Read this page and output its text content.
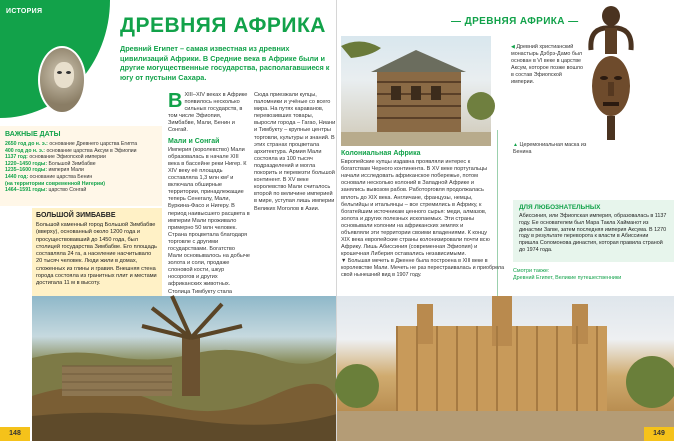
ИСТОРИЯ
ДРЕВНЯЯ АФРИКА

Древний Египет – самая известная из древних цивилизаций Африки. В Средние века в Африке были и другие могущественные государства, располагавшиеся к югу от пустыни Сахара.

ВАЖНЫЕ ДАТЫ
2650 год до н. э.: основание Древнего царства Египта
400 год до н. э.: основание царства Аксум в Эфиопии
1137 год: основание Эфиопской империи
1220–1450 годы: Большой Зимбабве
1235–1600 годы: империя Мали
1440 год: основание царства Бенин
(на территории современной Нигерии)
1464–1591 годы: царство Сонгай
БОЛЬШОЙ ЗИМБАБВЕ
Большой каменный город Большой Зимбабве (вверху), основанный около 1200 года и просуществовавший до 1450 года, был столицей государства Зимбабве. Его площадь составляла 24 га, а население насчитывало 20 тысяч человек. Люди жили в домах, сложенных из глины и гравия. Внешняя стена города состояла из гранитных плит и местами достигала 11 м в высоту.
В XIII–XIV веках в Африке появилось несколько сильных государств, в том числе Эфиопия, Зимбабве, Мали, Бенин и Сонгай.
Мали и Сонгай
Империя (королевство) Мали образовалась в начале XIII века в бассейне реки Нигер. К XIV веку её площадь составляла 1,3 млн км² и включала обширные территории, принадлежащие теперь Сенегалу, Мали, Буркина-Фасо и Нигеру. В период наивысшего расцвета в империи Мали проживало примерно 50 млн человек. Страна процветала благодаря торговле с другими государствами. Богатство Мали основывалось на добыче золота и соли, продаже слоновой кости, шкур носорогов и других африканских животных. Столица Тимбукту стала
Сюда приезжали купцы, паломники и учёные со всего мира. На путях караванов, перевозивших товары, выросли города – Гагао, Ниани и Тимбукту – крупные центры торговли, культуры и знаний. В этих странах процветала архитектура. Армия Мали состояла из 100 тысяч подразделений и могла покорить и перевезти большой континент. В XV веке королевство Мали считалось второй по величине империей в мире, уступая лишь империи Великих Моголов в Азии.
148
— ДРЕВНЯЯ АФРИКА —
◀ Древний христианский монастырь Дэбрэ-Дамо был основан в VI веке в царстве Аксум, которое позже вошло в состав Эфиопской империи.
▲ Церемониальная маска из Бенина
Колониальная Африка
Европейские купцы издавна проявляли интерес к богатствам Черного континента. В XV веке португальцы начали исследовать африканское побережье, потом основали несколько колоний в Западной Африке и занялись вывозом рабов. Работорговля продолжалась вплоть до XIX века. Англичане, французы, немцы, бельгийцы и итальянцы – все стремились в Африку, к богатейшим источникам ценного сырья: меди, алмазов, золота и других полезных ископаемых. Эти страны основывали колонии на африканских землях и объявляли эти территории своими владениями. К концу XIX века европейские страны колонизировали почти всю Африку. Лишь Абиссиния (современная Эфиопия) и крошечная Либерия оставались независимыми.
ДЛЯ ЛЮБОЗНАТЕЛЬНЫХ
Абиссиния, или Эфиопская империя, образовалась в 1137 году. Ее основателем был Мара Такла Хайманот из династии Загве, затем последняя империя Аксума. В 1270 году в результате переворота к власти в Абиссинии пришла Соломонова династия, которая правила страной до 1974 года.
Смотри также:
Древний Египет, Великие путешественники
▼ Большая мечеть в Дженне была построена в XIII веке в королевстве Мали. Мечеть не раз перестраивалась и приобрела свой нынешний вид в 1907 году.
149
